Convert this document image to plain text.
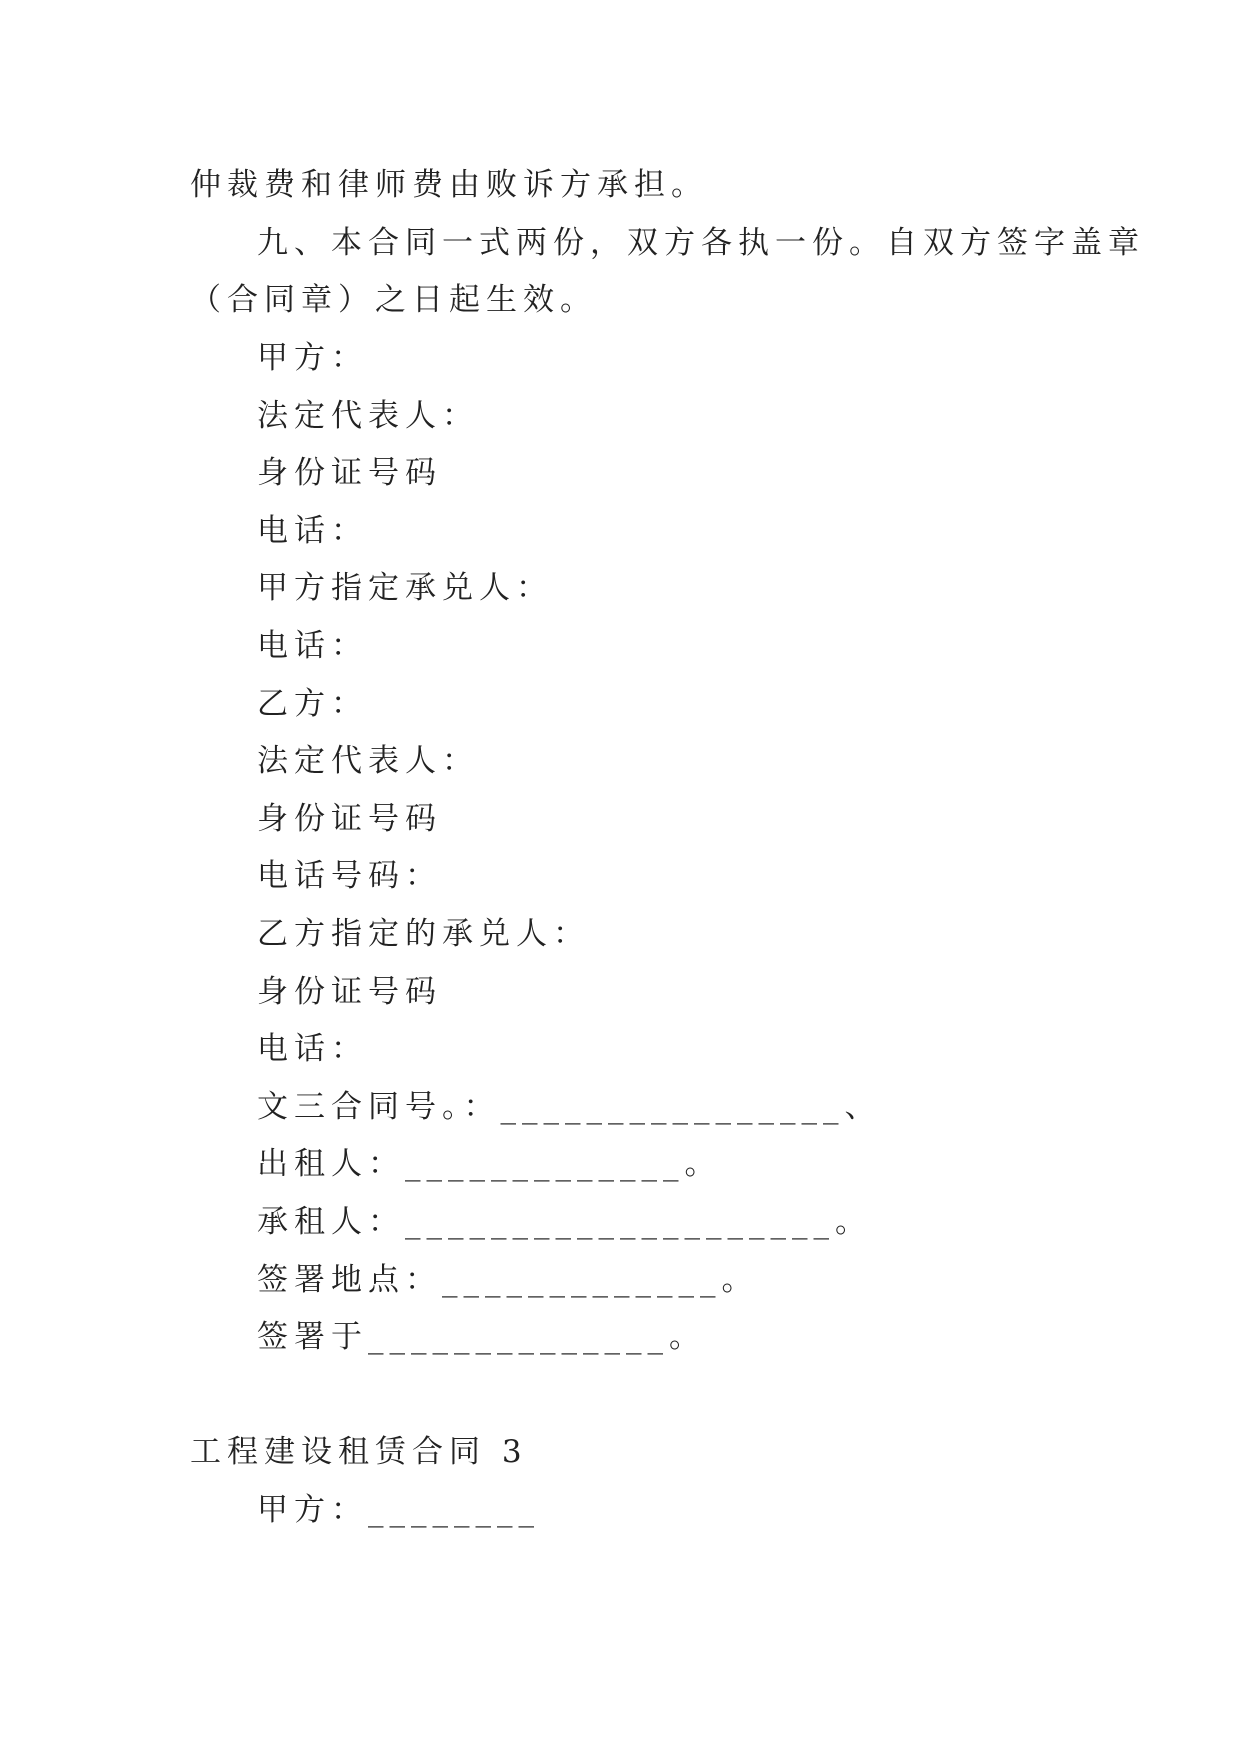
仲裁费和律师费由败诉方承担。
九、本合同一式两份，双方各执一份。自双方签字盖章
（合同章）之日起生效。
甲方：
法定代表人：
身份证号码
电话：
甲方指定承兑人：
电话：
乙方：
法定代表人：
身份证号码
电话号码：
乙方指定的承兑人：
身份证号码
电话：
文三合同号。：________________、
出租人：_____________。
承租人：____________________。
签署地点：_____________。
签署于______________。
工程建设租赁合同 3
甲方：________
